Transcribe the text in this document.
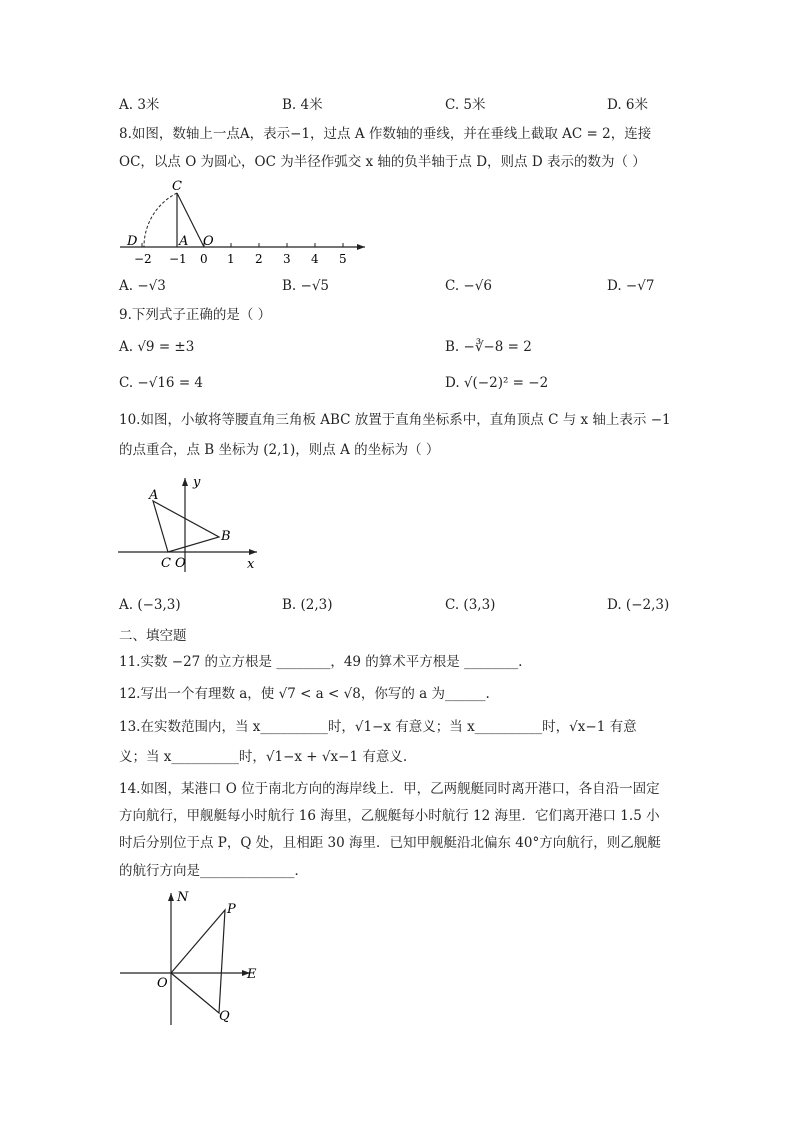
A. 3米	B. 4米	C. 5米	D. 6米
8.如图，数轴上一点A，表示−1，过点 A 作数轴的垂线，并在垂线上截取 AC = 2，连接
OC，以点 O 为圆心，OC 为半径作弧交 x 轴的负半轴于点 D，则点 D 表示的数为（ ）
C
D	A O
−2 −1 0 1 2 3 4 5
A. −√3	B. −√5	C. −√6	D. −√7
9.下列式子正确的是（ ）
A. √9 = ±3	B. −∛−8 = 2
C. −√16 = 4	D. √(−2)² = −2
10.如图，小敏将等腰直角三角板 ABC 放置于直角坐标系中，直角顶点 C 与 x 轴上表示 −1
的点重合，点 B 坐标为 (2,1)，则点 A 的坐标为（ ）
A
B
C O	x
y
A. (−3,3)	B. (2,3)	C. (3,3)	D. (−2,3)
二、填空题
11.实数 −27 的立方根是 ________，49 的算术平方根是 ________.
12.写出一个有理数 a，使 √7 < a < √8，你写的 a 为______.
13.在实数范围内，当 x__________时，√1−x 有意义；当 x__________时，√x−1 有意
义；当 x__________时，√1−x + √x−1 有意义.
14.如图，某港口 O 位于南北方向的海岸线上．甲，乙两舰艇同时离开港口，各自沿一固定
方向航行，甲舰艇每小时航行 16 海里，乙舰艇每小时航行 12 海里．它们离开港口 1.5 小
时后分别位于点 P，Q 处，且相距 30 海里．已知甲舰艇沿北偏东 40°方向航行，则乙舰艇
的航行方向是______________．
N
E
O
P
Q
